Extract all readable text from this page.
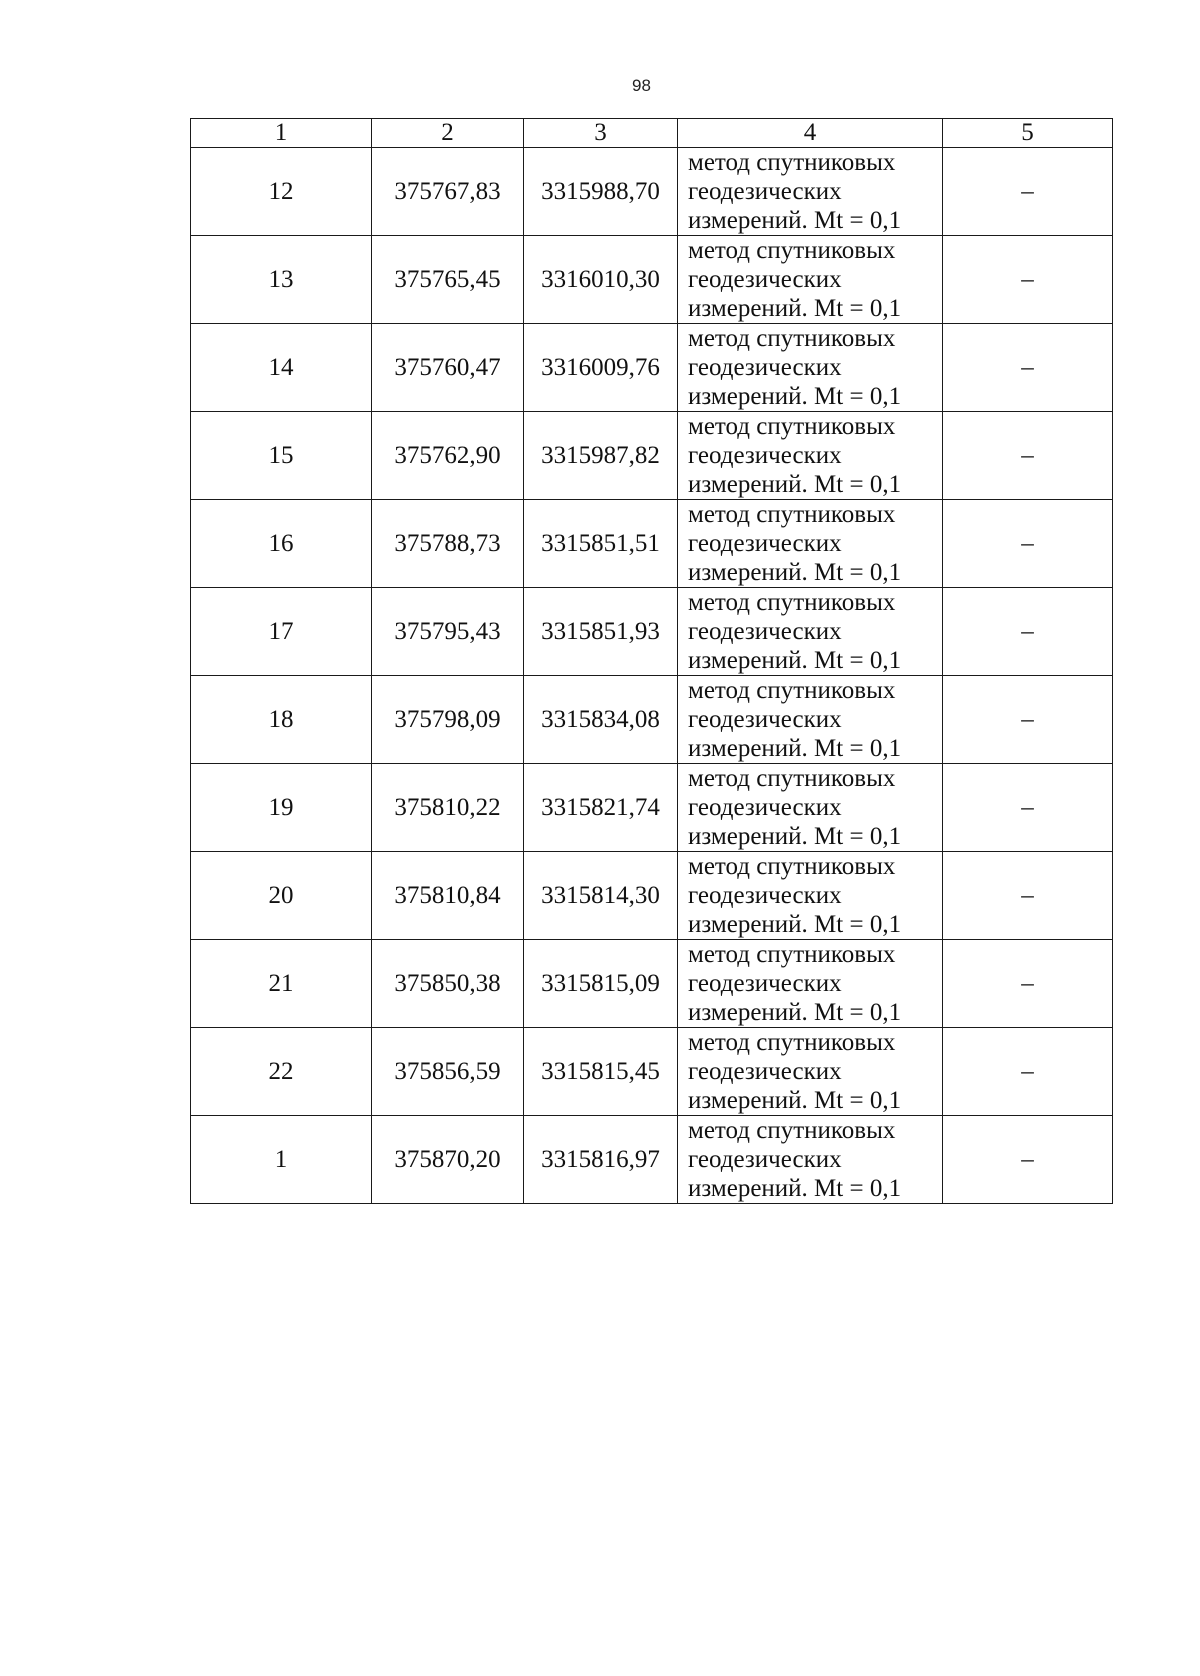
98
1	2	3	4	5
12	375767,83	3315988,70	метод спутниковых
геодезических
измерений. Mt = 0,1	–
13	375765,45	3316010,30	метод спутниковых
геодезических
измерений. Mt = 0,1	–
14	375760,47	3316009,76	метод спутниковых
геодезических
измерений. Mt = 0,1	–
15	375762,90	3315987,82	метод спутниковых
геодезических
измерений. Mt = 0,1	–
16	375788,73	3315851,51	метод спутниковых
геодезических
измерений. Mt = 0,1	–
17	375795,43	3315851,93	метод спутниковых
геодезических
измерений. Mt = 0,1	–
18	375798,09	3315834,08	метод спутниковых
геодезических
измерений. Mt = 0,1	–
19	375810,22	3315821,74	метод спутниковых
геодезических
измерений. Mt = 0,1	–
20	375810,84	3315814,30	метод спутниковых
геодезических
измерений. Mt = 0,1	–
21	375850,38	3315815,09	метод спутниковых
геодезических
измерений. Mt = 0,1	–
22	375856,59	3315815,45	метод спутниковых
геодезических
измерений. Mt = 0,1	–
1	375870,20	3315816,97	метод спутниковых
геодезических
измерений. Mt = 0,1	–
